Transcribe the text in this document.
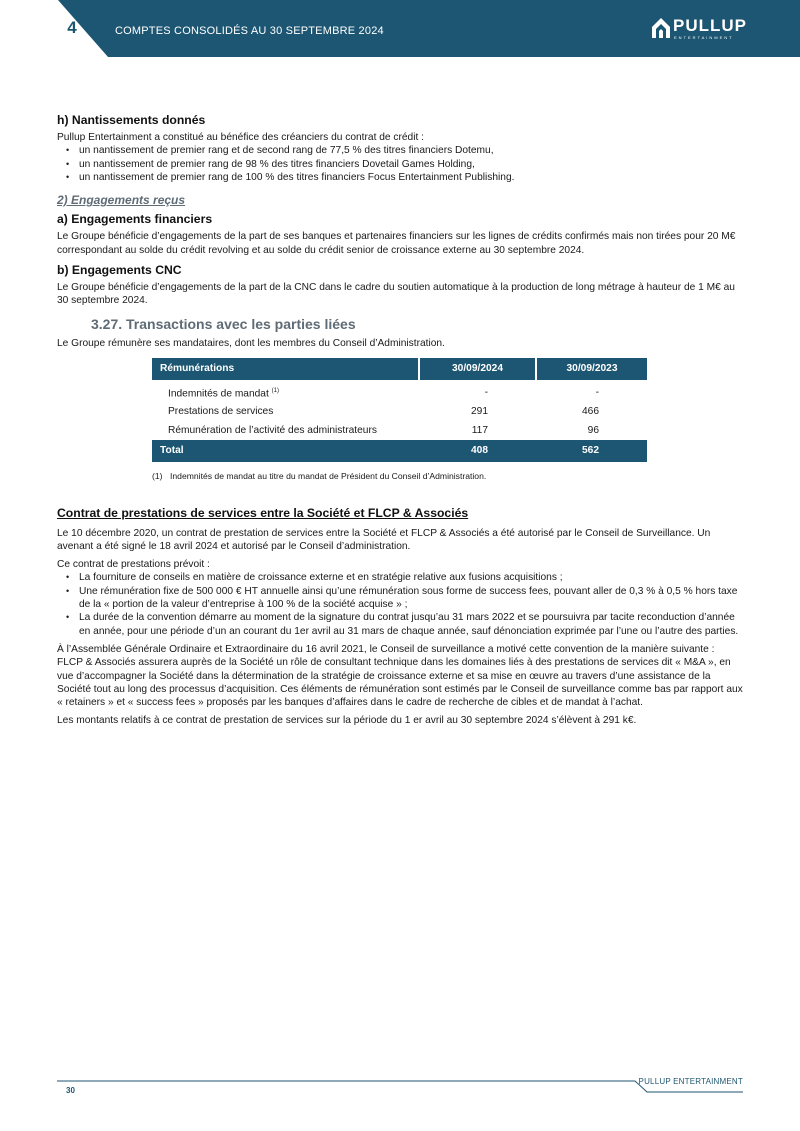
4	COMPTES CONSOLIDÉS AU 30 SEPTEMBRE 2024	PULLUP
ENTERTAINMENT
h) Nantissements donnés

Pullup Entertainment a constitué au bénéfice des créanciers du contrat de crédit :

• un nantissement de premier rang et de second rang de 77,5 % des titres financiers Dotemu,
• un nantissement de premier rang de 98 % des titres financiers Dovetail Games Holding,
• un nantissement de premier rang de 100 % des titres financiers Focus Entertainment Publishing.
2) Engagements reçus
a) Engagements financiers

Le Groupe bénéficie d’engagements de la part de ses banques et partenaires financiers sur les lignes de crédits confirmés mais non tirées pour 20 M€ correspondant au solde du crédit revolving et au solde du crédit senior de croissance externe au 30 septembre 2024.

b) Engagements CNC

Le Groupe bénéficie d’engagements de la part de la CNC dans le cadre du soutien automatique à la production de long métrage à hauteur de 1 M€ au 30 septembre 2024.

3.27. Transactions avec les parties liées

Le Groupe rémunère ses mandataires, dont les membres du Conseil d’Administration.

Rémunérations	30/09/2024	30/09/2023
Indemnités de mandat $^{(1)}$	-	-
Prestations de services	291	466
Rémunération de l’activité des administrateurs	117	96
Total	408	562
(1) Indemnités de mandat au titre du mandat de Président du Conseil d’Administration.
Contrat de prestations de services entre la Société et FLCP & Associés

Le 10 décembre 2020, un contrat de prestation de services entre la Société et FLCP & Associés a été autorisé par le Conseil de Surveillance. Un avenant a été signé le 18 avril 2024 et autorisé par le Conseil d’administration.

Ce contrat de prestations prévoit :

• La fourniture de conseils en matière de croissance externe et en stratégie relative aux fusions acquisitions ;
• Une rémunération fixe de 500 000 € HT annuelle ainsi qu’une rémunération sous forme de success fees, pouvant aller de 0,3 % à 0,5 % hors taxe de la « portion de la valeur d’entreprise à 100 % de la société acquise » ;
• La durée de la convention démarre au moment de la signature du contrat jusqu’au 31 mars 2022 et se poursuivra par tacite reconduction d’année en année, pour une période d’un an courant du 1er avril au 31 mars de chaque année, sauf dénonciation exprimée par l’une ou l’autre des parties.

À l’Assemblée Générale Ordinaire et Extraordinaire du 16 avril 2021, le Conseil de surveillance a motivé cette convention de la manière suivante : FLCP & Associés assurera auprès de la Société un rôle de consultant technique dans les domaines liés à des prestations de services dit « M&A », en vue d’accompagner la Société dans la détermination de la stratégie de croissance externe et sa mise en œuvre au travers d’une assistance de la Société tout au long des processus d’acquisition. Ces éléments de rémunération sont estimés par le Conseil de surveillance comme bas par rapport aux « retainers » et « success fees » proposés par les banques d’affaires dans le cadre de recherche de cibles et de mandat à l’achat.

Les montants relatifs à ce contrat de prestation de services sur la période du 1 er avril au 30 septembre 2024 s’élèvent à 291 k€.

PULLUP ENTERTAINMENT
30
